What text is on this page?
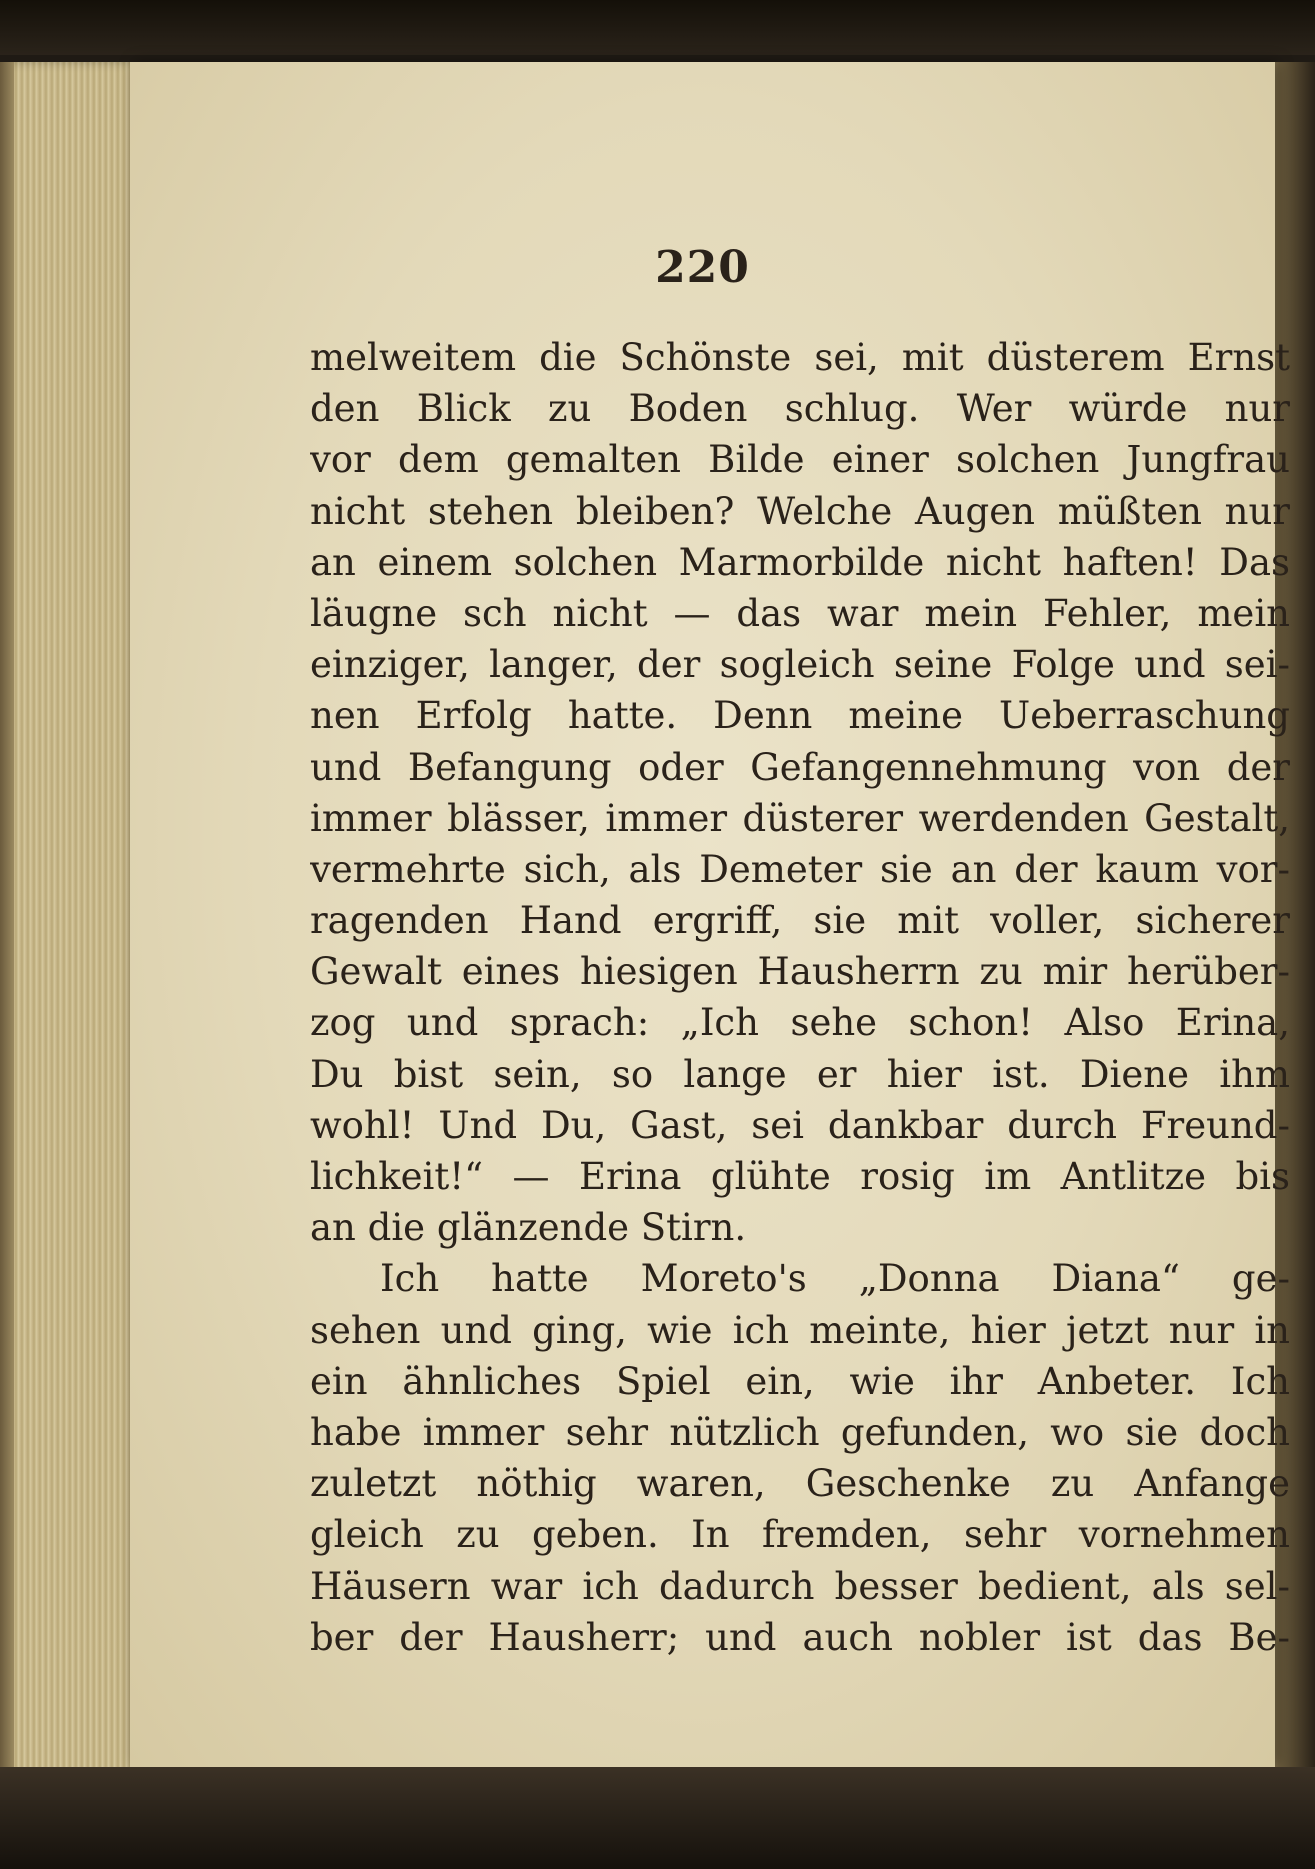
220
melweitem die Schönste sei, mit düsterem Ernst
den Blick zu Boden schlug. Wer würde nur
vor dem gemalten Bilde einer solchen Jungfrau
nicht stehen bleiben? Welche Augen müßten nur
an einem solchen Marmorbilde nicht haften! Das
läugne sch nicht — das war mein Fehler, mein
einziger, langer, der sogleich seine Folge und sei-
nen Erfolg hatte. Denn meine Ueberraschung
und Befangung oder Gefangennehmung von der
immer blässer, immer düsterer werdenden Gestalt,
vermehrte sich, als Demeter sie an der kaum vor-
ragenden Hand ergriff, sie mit voller, sicherer
Gewalt eines hiesigen Hausherrn zu mir herüber-
zog und sprach: „Ich sehe schon! Also Erina,
Du bist sein, so lange er hier ist. Diene ihm
wohl! Und Du, Gast, sei dankbar durch Freund-
lichkeit!“ — Erina glühte rosig im Antlitze bis
an die glänzende Stirn.
Ich hatte Moreto's „Donna Diana“ ge-
sehen und ging, wie ich meinte, hier jetzt nur in
ein ähnliches Spiel ein, wie ihr Anbeter. Ich
habe immer sehr nützlich gefunden, wo sie doch
zuletzt nöthig waren, Geschenke zu Anfange
gleich zu geben. In fremden, sehr vornehmen
Häusern war ich dadurch besser bedient, als sel-
ber der Hausherr; und auch nobler ist das Be-
